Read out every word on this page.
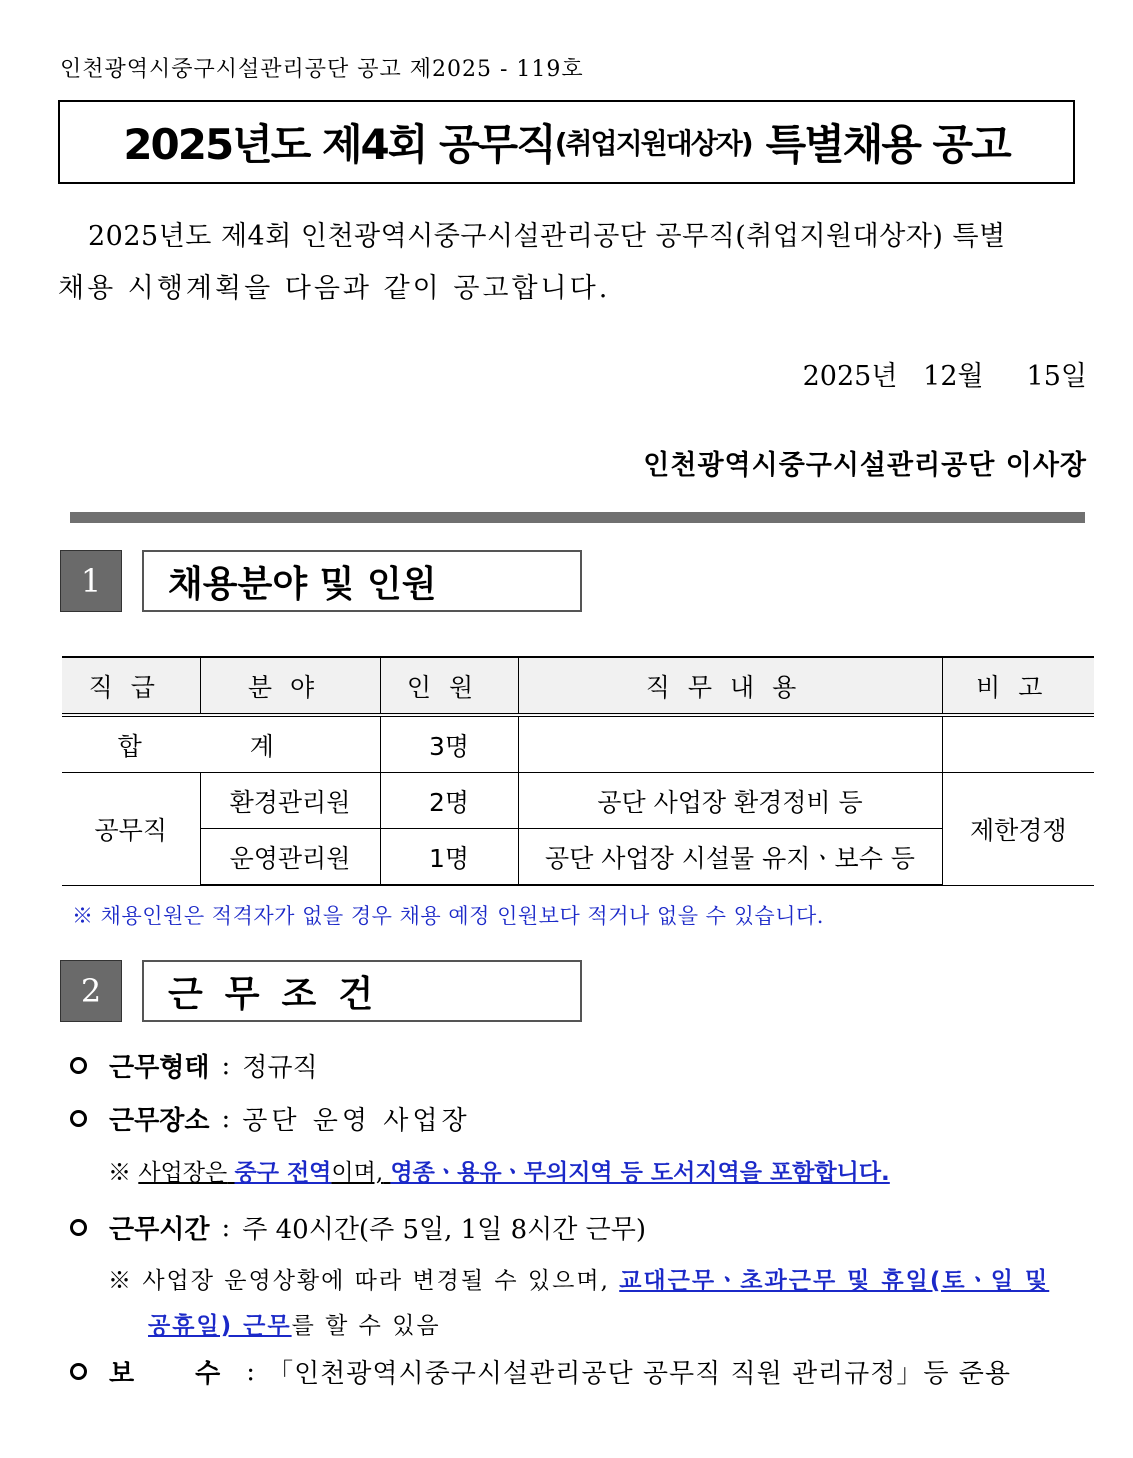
인천광역시중구시설관리공단 공고 제2025 - 119호
2025년도 제4회 공무직 (취업지원대상자) 특별채용 공고
2025년도 제4회 인천광역시중구시설관리공단 공무직(취업지원대상자) 특별
채용 시행계획을 다음과 같이 공고합니다.
2025년 12월 15일
인천광역시중구시설관리공단 이사장
1	채용분야 및 인원
직급	분야	인원	직무내용	비고
합 계		3명		
공무직	환경관리원	2명	공단 사업장 환경정비 등	제한경쟁
	운영관리원	1명	공단 사업장 시설물 유지ㆍ보수 등	
※ 채용인원은 적격자가 없을 경우 채용 예정 인원보다 적거나 없을 수 있습니다.
2	근무조건
근무형태 : 정규직
근무장소 : 공단 운영 사업장
※ 사업장은 중구 전역이며, 영종ㆍ용유ㆍ무의지역 등 도서지역을 포함합니다.
근무시간 : 주 40시간(주 5일, 1일 8시간 근무)
※ 사업장 운영상황에 따라 변경될 수 있으며, 교대근무ㆍ초과근무 및 휴일(토ㆍ일 및
공휴일) 근무를 할 수 있음
보 수 : 「인천광역시중구시설관리공단 공무직 직원 관리규정」등 준용
